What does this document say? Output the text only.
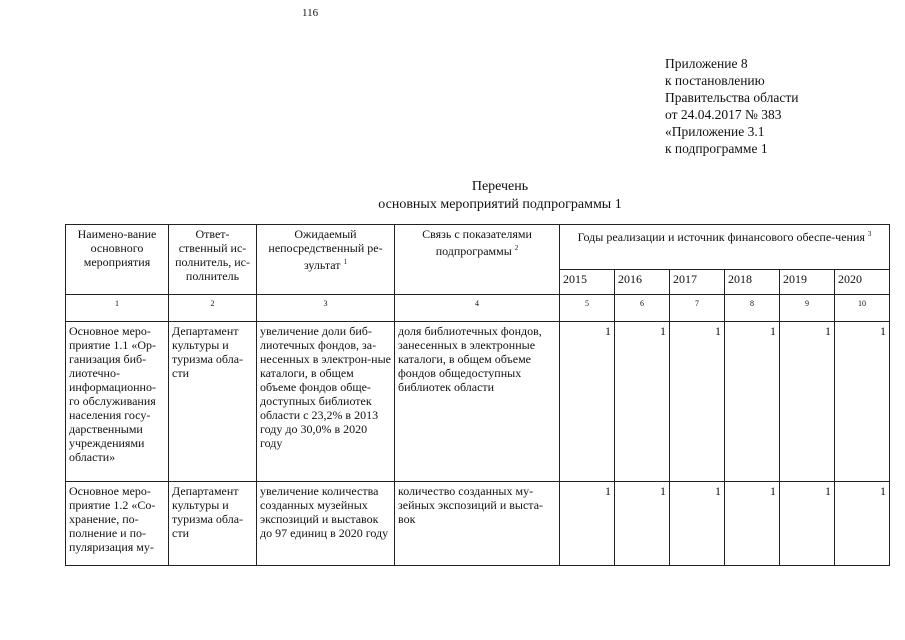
116
Приложение 8
к постановлению
Правительства области
от 24.04.2017 № 383
«Приложение 3.1
к подпрограмме 1
Перечень
основных мероприятий подпрограммы 1
Наимено-вание основного мероприятия	Ответ-ственный ис-полнитель, ис-полнитель	Ожидаемый непосредственный ре-зультат $^1$	Связь с показателями подпрограммы $^2$	Годы реализации и источник финансового обеспе-чения $^3$
				2015	2016	2017	2018	2019	2020
1	2	3	4	5	6	7	8	9	10
Основное меро-приятие 1.1 «Ор-ганизация биб-лиотечно-информационно-го обслуживания населения госу-дарственными учреждениями области»	Департамент культуры и туризма обла-сти	увеличение доли биб-лиотечных фондов, за-несенных в электрон-ные каталоги, в общем объеме фондов обще-доступных библиотек области с 23,2% в 2013 году до 30,0% в 2020 году	доля библиотечных фондов, занесенных в электронные каталоги, в общем объеме фондов общедоступных библиотек области	1	1	1	1	1	1
Основное меро-приятие 1.2 «Со-хранение, по-полнение и по-пуляризация му-	Департамент культуры и туризма обла-сти	увеличение количества созданных музейных экспозиций и выставок до 97 единиц в 2020 году	количество созданных му-зейных экспозиций и выста-вок	1	1	1	1	1	1
